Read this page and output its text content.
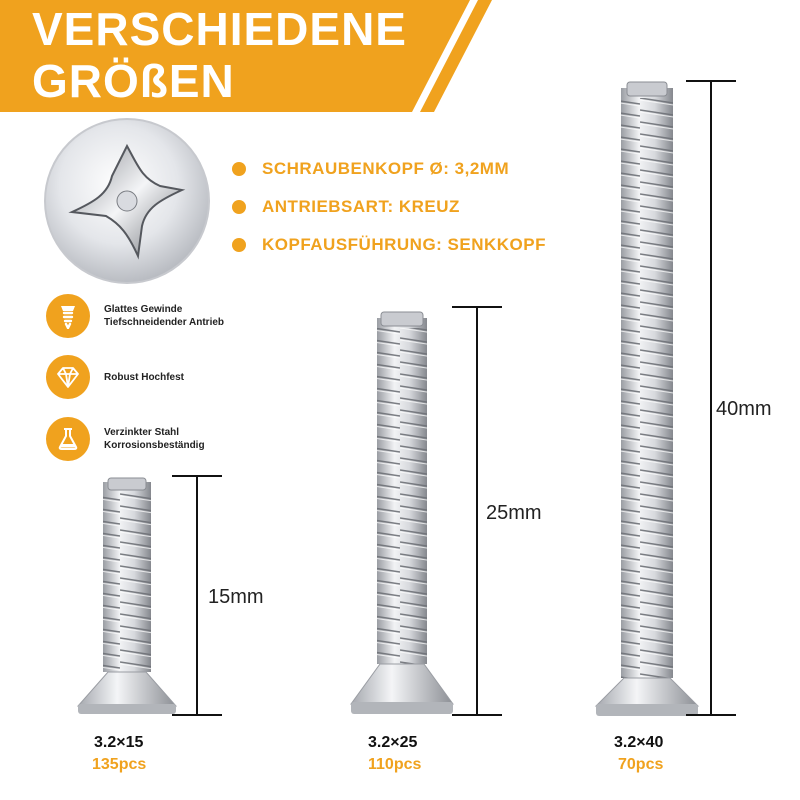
VERSCHIEDENE
GRÖßEN
SCHRAUBENKOPF Ø: 3,2MM
ANTRIEBSART: KREUZ
KOPFAUSFÜHRUNG: SENKKOPF
Glattes Gewinde
Tiefschneidender Antrieb
Robust Hochfest
Verzinkter Stahl
Korrosionsbeständig
15mm
25mm
40mm
3.2×15
135pcs
3.2×25
110pcs
3.2×40
70pcs
